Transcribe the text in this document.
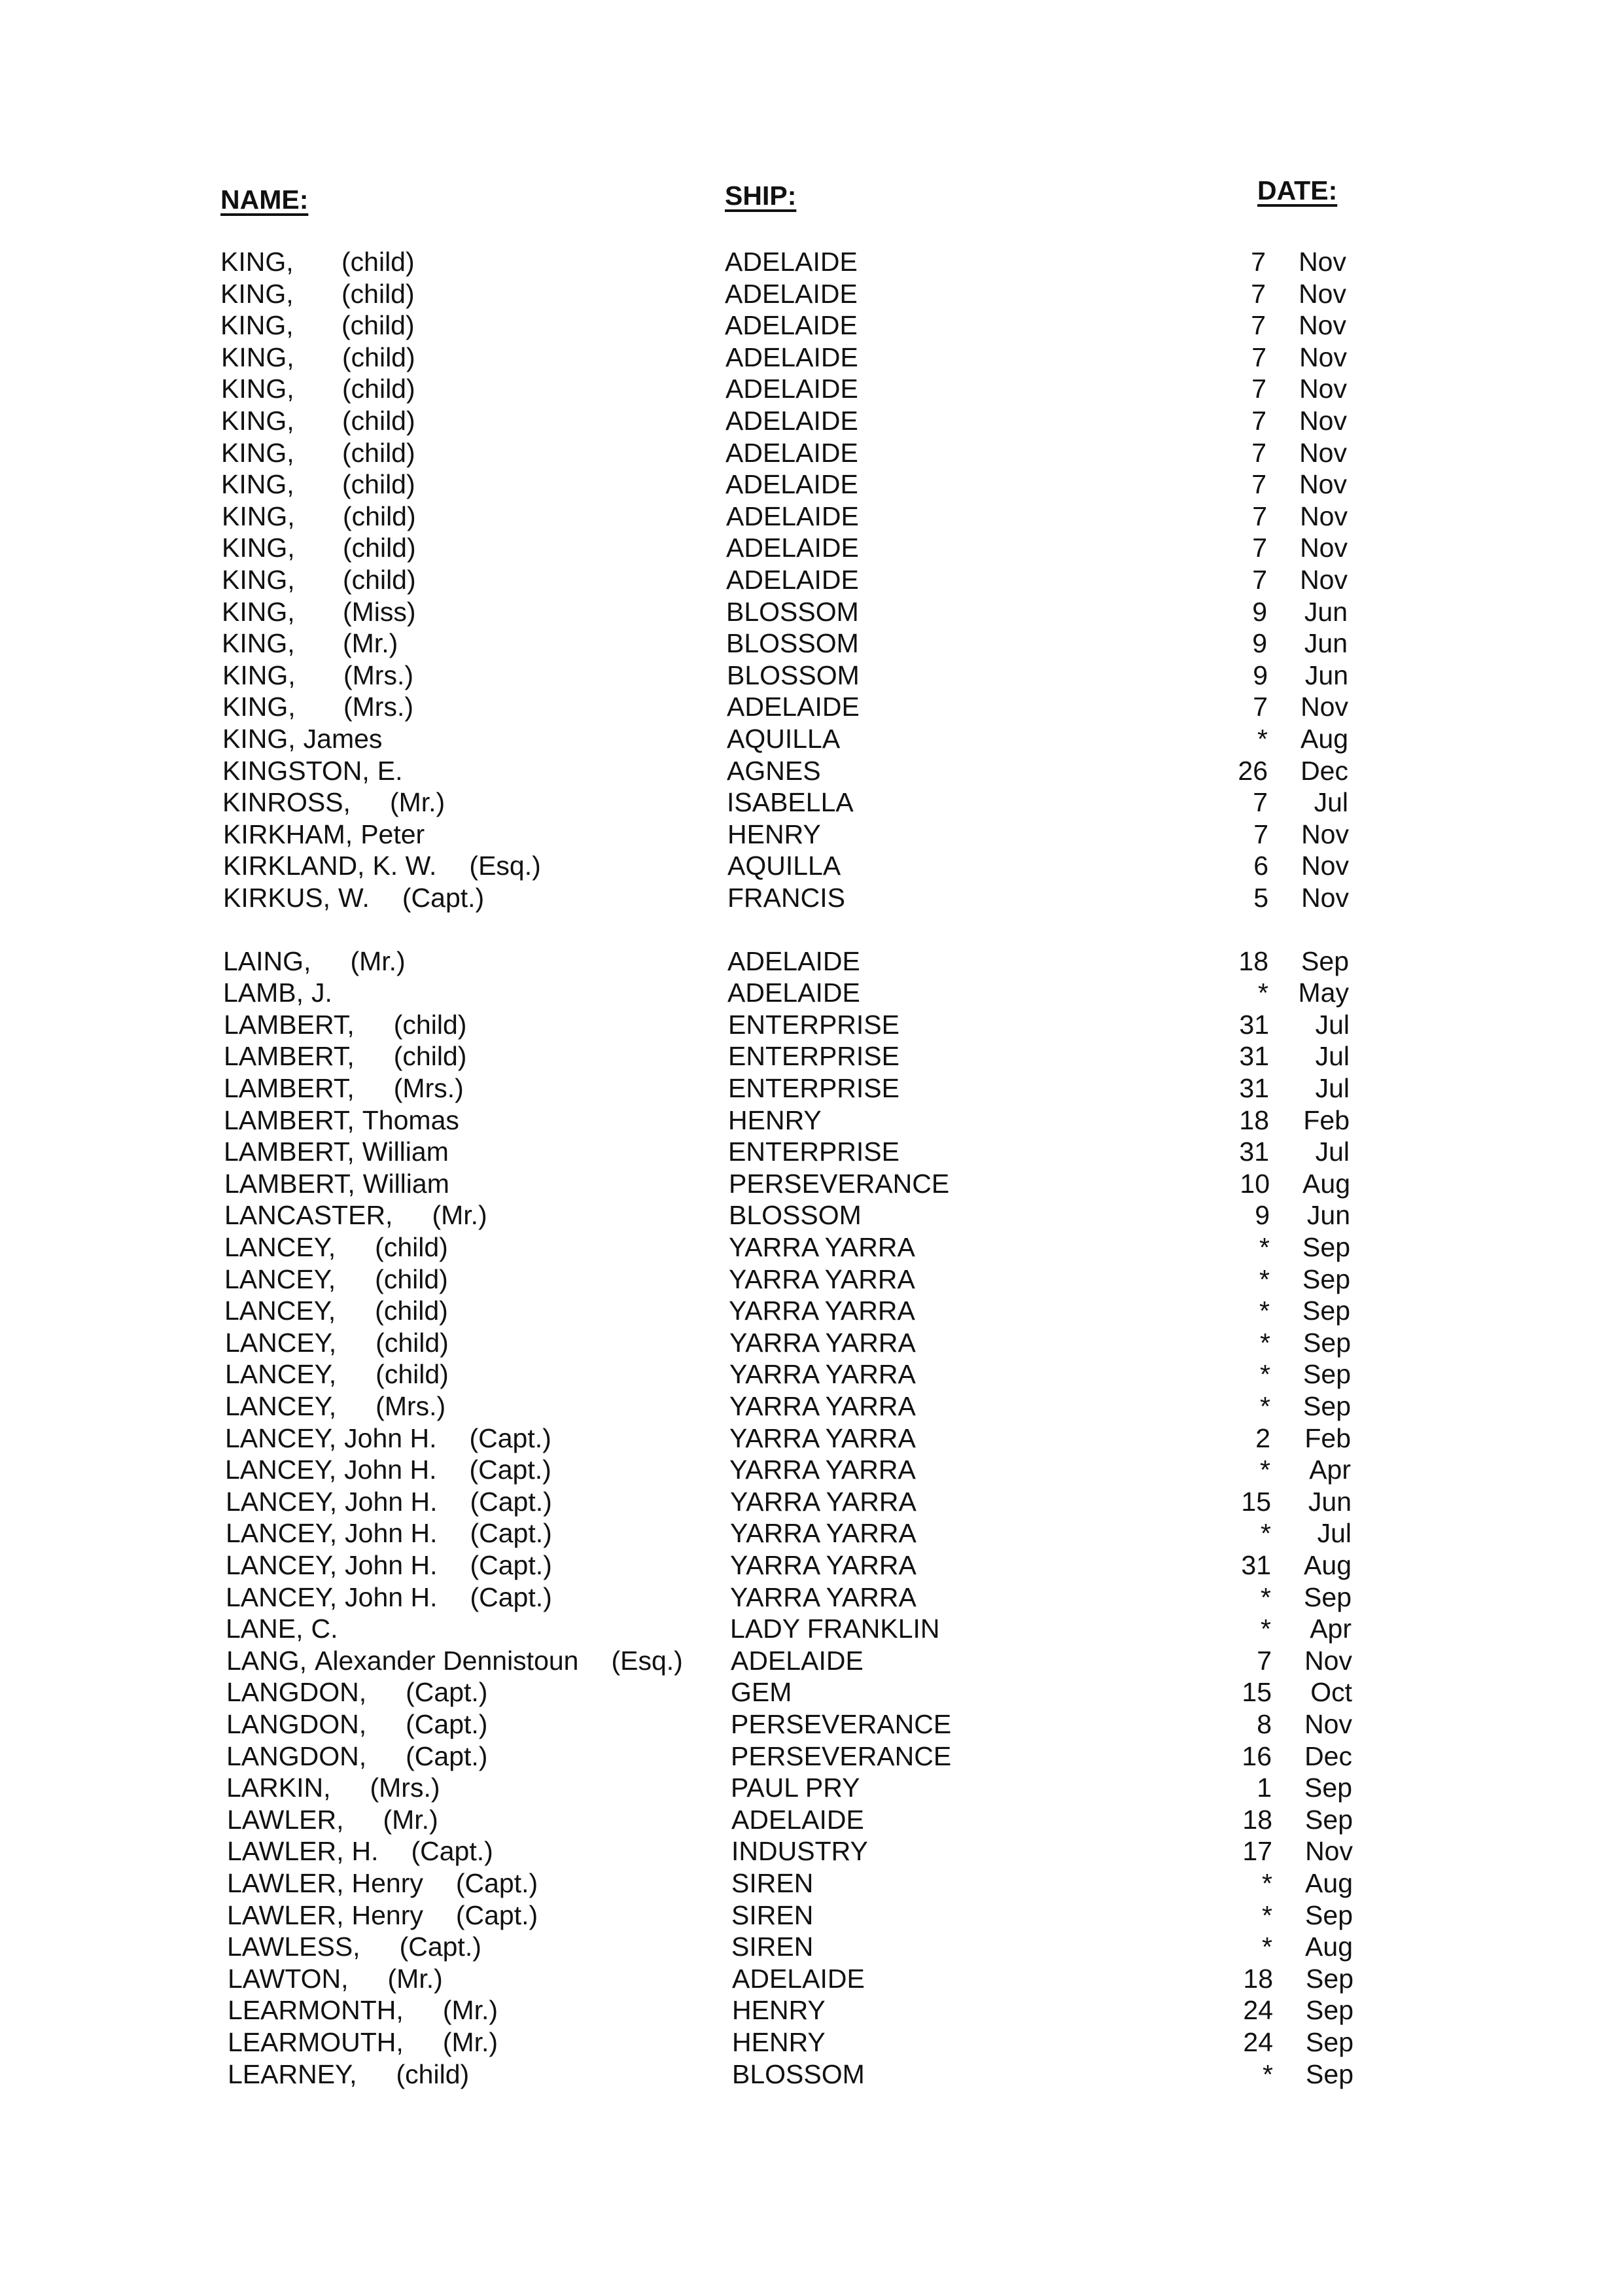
NAME:	SHIP:	DATE:
KING, (child)	ADELAIDE	7	Nov
KING, (child)	ADELAIDE	7	Nov
KING, (child)	ADELAIDE	7	Nov
KING, (child)	ADELAIDE	7	Nov
KING, (child)	ADELAIDE	7	Nov
KING, (child)	ADELAIDE	7	Nov
KING, (child)	ADELAIDE	7	Nov
KING, (child)	ADELAIDE	7	Nov
KING, (child)	ADELAIDE	7	Nov
KING, (child)	ADELAIDE	7	Nov
KING, (child)	ADELAIDE	7	Nov
KING, (Miss)	BLOSSOM	9	Jun
KING, (Mr.)	BLOSSOM	9	Jun
KING, (Mrs.)	BLOSSOM	9	Jun
KING, (Mrs.)	ADELAIDE	7	Nov
KING, James	AQUILLA	*	Aug
KINGSTON, E.	AGNES	26	Dec
KINROSS, (Mr.)	ISABELLA	7	Jul
KIRKHAM, Peter	HENRY	7	Nov
KIRKLAND, K. W. (Esq.)	AQUILLA	6	Nov
KIRKUS, W. (Capt.)	FRANCIS	5	Nov
LAING, (Mr.)	ADELAIDE	18	Sep
LAMB, J.	ADELAIDE	*	May
LAMBERT, (child)	ENTERPRISE	31	Jul
LAMBERT, (child)	ENTERPRISE	31	Jul
LAMBERT, (Mrs.)	ENTERPRISE	31	Jul
LAMBERT, Thomas	HENRY	18	Feb
LAMBERT, William	ENTERPRISE	31	Jul
LAMBERT, William	PERSEVERANCE	10	Aug
LANCASTER, (Mr.)	BLOSSOM	9	Jun
LANCEY, (child)	YARRA YARRA	*	Sep
LANCEY, (child)	YARRA YARRA	*	Sep
LANCEY, (child)	YARRA YARRA	*	Sep
LANCEY, (child)	YARRA YARRA	*	Sep
LANCEY, (child)	YARRA YARRA	*	Sep
LANCEY, (Mrs.)	YARRA YARRA	*	Sep
LANCEY, John H. (Capt.)	YARRA YARRA	2	Feb
LANCEY, John H. (Capt.)	YARRA YARRA	*	Apr
LANCEY, John H. (Capt.)	YARRA YARRA	15	Jun
LANCEY, John H. (Capt.)	YARRA YARRA	*	Jul
LANCEY, John H. (Capt.)	YARRA YARRA	31	Aug
LANCEY, John H. (Capt.)	YARRA YARRA	*	Sep
LANE, C.	LADY FRANKLIN	*	Apr
LANG, Alexander Dennistoun (Esq.) ADELAIDE	7	Nov
LANGDON, (Capt.)	GEM	15	Oct
LANGDON, (Capt.)	PERSEVERANCE	8	Nov
LANGDON, (Capt.)	PERSEVERANCE	16	Dec
LARKIN, (Mrs.)	PAUL PRY	1	Sep
LAWLER, (Mr.)	ADELAIDE	18	Sep
LAWLER, H. (Capt.)	INDUSTRY	17	Nov
LAWLER, Henry (Capt.)	SIREN	*	Aug
LAWLER, Henry (Capt.)	SIREN	*	Sep
LAWLESS, (Capt.)	SIREN	*	Aug
LAWTON, (Mr.)	ADELAIDE	18	Sep
LEARMONTH, (Mr.)	HENRY	24	Sep
LEARMOUTH, (Mr.)	HENRY	24	Sep
LEARNEY, (child)	BLOSSOM	*	Sep
